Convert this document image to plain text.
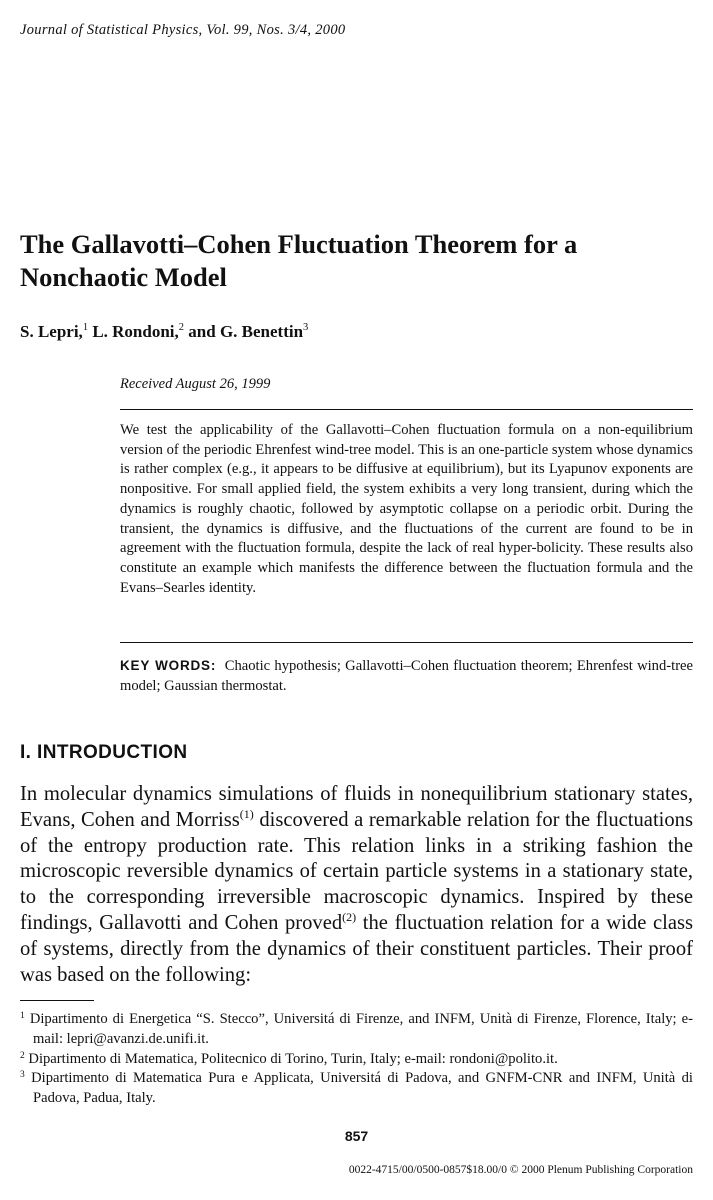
Journal of Statistical Physics, Vol. 99, Nos. 3/4, 2000
The Gallavotti–Cohen Fluctuation Theorem for a Nonchaotic Model
S. Lepri,$^1$ L. Rondoni,$^2$ and G. Benettin$^3$
Received August 26, 1999

We test the applicability of the Gallavotti–Cohen fluctuation formula on a non-equilibrium version of the periodic Ehrenfest wind-tree model. This is an one-particle system whose dynamics is rather complex (e.g., it appears to be diffusive at equilibrium), but its Lyapunov exponents are nonpositive. For small applied field, the system exhibits a very long transient, during which the dynamics is roughly chaotic, followed by asymptotic collapse on a periodic orbit. During the transient, the dynamics is diffusive, and the fluctuations of the current are found to be in agreement with the fluctuation formula, despite the lack of real hyper-bolicity. These results also constitute an example which manifests the difference between the fluctuation formula and the Evans–Searles identity.

KEY WORDS: Chaotic hypothesis; Gallavotti–Cohen fluctuation theorem; Ehrenfest wind-tree model; Gaussian thermostat.

I. INTRODUCTION

In molecular dynamics simulations of fluids in nonequilibrium stationary states, Evans, Cohen and Morriss$^{(1)}$ discovered a remarkable relation for the fluctuations of the entropy production rate. This relation links in a striking fashion the microscopic reversible dynamics of certain particle systems in a stationary state, to the corresponding irreversible macroscopic dynamics. Inspired by these findings, Gallavotti and Cohen proved$^{(2)}$ the fluctuation relation for a wide class of systems, directly from the dynamics of their constituent particles. Their proof was based on the following:

$^1$ Dipartimento di Energetica “S. Stecco”, Universitá di Firenze, and INFM, Unità di Firenze, Florence, Italy; e-mail: lepri@avanzi.de.unifi.it.

$^2$ Dipartimento di Matematica, Politecnico di Torino, Turin, Italy; e-mail: rondoni@polito.it.

$^3$ Dipartimento di Matematica Pura e Applicata, Universitá di Padova, and GNFM-CNR and INFM, Unità di Padova, Padua, Italy.

857
0022-4715/00/0500-0857$18.00/0 © 2000 Plenum Publishing Corporation
